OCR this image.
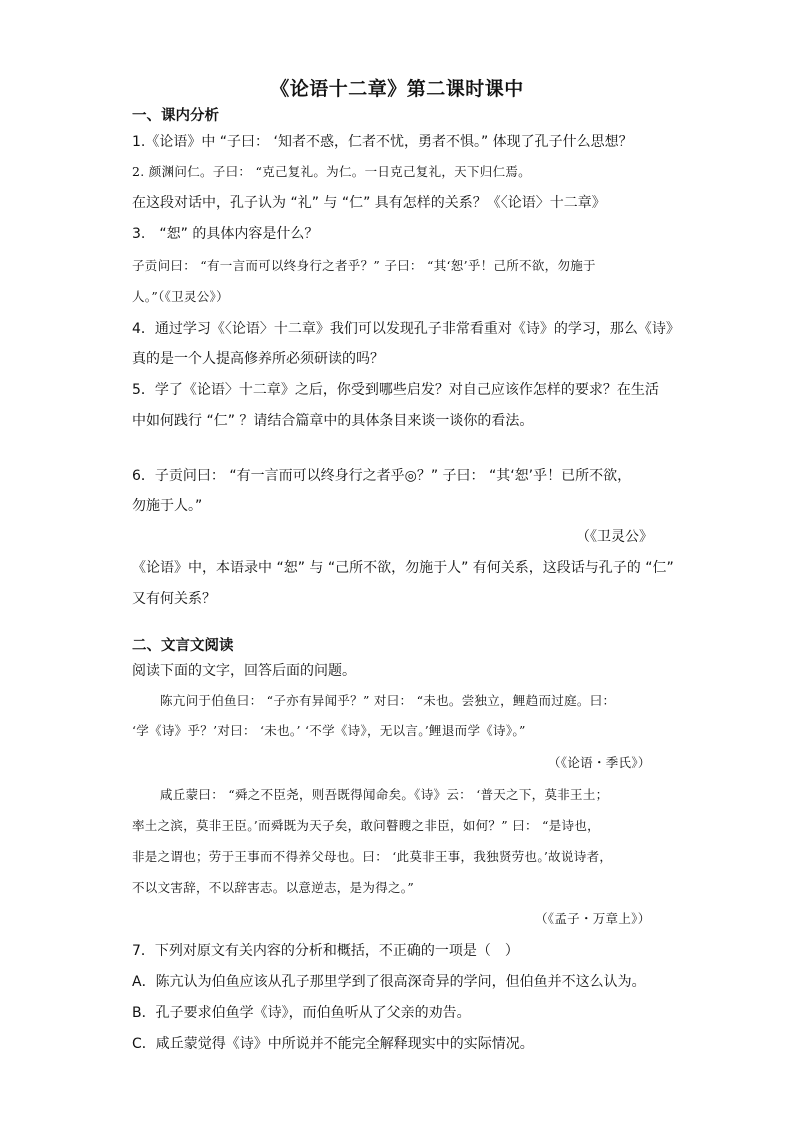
《论语十二章》第二课时课中
一、课内分析
1.《论语》中 “子曰： ‘知者不惑，仁者不忧，勇者不惧。” 体现了孔子什么思想？
2. 颜渊问仁。子曰： “克己复礼。为仁。一日克己复礼，天下归仁焉。
在这段对话中，孔子认为 “礼” 与 “仁” 具有怎样的关系？《〈论语〉十二章》
3.　“恕” 的具体内容是什么？
子贡问曰： “有一言而可以终身行之者乎？” 子曰： “其‘恕’乎！己所不欲，勿施于
人。”（《卫灵公》）
4．通过学习《〈论语〉十二章》我们可以发现孔子非常看重对《诗》的学习，那么《诗》
真的是一个人提高修养所必须研读的吗？
5．学了《论语〉十二章》之后，你受到哪些启发？对自己应该作怎样的要求？在生活
中如何践行 “仁” ？请结合篇章中的具体条目来谈一谈你的看法。
6．子贡问曰： “有一言而可以终身行之者乎◎？” 子曰： “其‘恕’乎！已所不欲，
勿施于人。”
（《卫灵公》
《论语》中，本语录中 “恕” 与 “己所不欲，勿施于人” 有何关系，这段话与孔子的 “仁”
又有何关系？
二、文言文阅读
阅读下面的文字，回答后面的问题。
陈亢问于伯鱼曰： “子亦有异闻乎？” 对曰： “未也。尝独立，鲤趋而过庭。曰：
‘学《诗》乎？’对曰： ‘未也。’ ‘不学《诗》，无以言。’鲤退而学《诗》。”
（《论语・季氏》）
咸丘蒙曰： “舜之不臣尧，则吾既得闻命矣。《诗》云： ‘普天之下，莫非王土；
率土之滨，莫非王臣。’而舜既为天子矣，敢问瞽瞍之非臣，如何？” 曰： “是诗也，
非是之谓也；劳于王事而不得养父母也。曰： ‘此莫非王事，我独贤劳也。’故说诗者，
不以文害辞，不以辞害志。以意逆志，是为得之。”
（《孟子・万章上》）
7．下列对原文有关内容的分析和概括，不正确的一项是（　）
A．陈亢认为伯鱼应该从孔子那里学到了很高深奇异的学问，但伯鱼并不这么认为。
B．孔子要求伯鱼学《诗》，而伯鱼听从了父亲的劝告。
C．咸丘蒙觉得《诗》中所说并不能完全解释现实中的实际情况。
